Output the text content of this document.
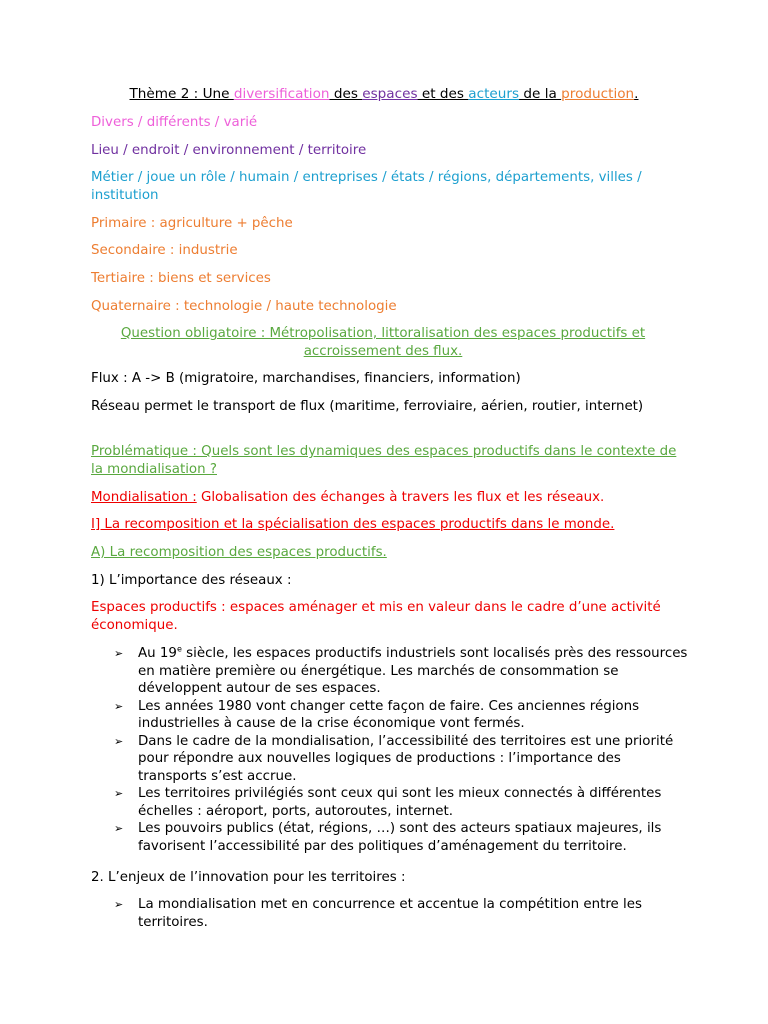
Thème 2 : Une diversification des espaces et des acteurs de la production.

Divers / différents / varié

Lieu / endroit / environnement / territoire

Métier / joue un rôle / humain / entreprises / états / régions, départements, villes / institution

Primaire : agriculture + pêche

Secondaire : industrie

Tertiaire : biens et services

Quaternaire : technologie / haute technologie

Question obligatoire : Métropolisation, littoralisation des espaces productifs et accroissement des flux.

Flux : A -> B (migratoire, marchandises, financiers, information)

Réseau permet le transport de flux (maritime, ferroviaire, aérien, routier, internet)

Problématique : Quels sont les dynamiques des espaces productifs dans le contexte de la mondialisation ?

Mondialisation : Globalisation des échanges à travers les flux et les réseaux.

I] La recomposition et la spécialisation des espaces productifs dans le monde.

A) La recomposition des espaces productifs.

1) L’importance des réseaux :

Espaces productifs : espaces aménager et mis en valeur dans le cadre d’une activité économique.

➢ Au 19e siècle, les espaces productifs industriels sont localisés près des ressources en matière première ou énergétique. Les marchés de consommation se développent autour de ses espaces.
➢ Les années 1980 vont changer cette façon de faire. Ces anciennes régions industrielles à cause de la crise économique vont fermés.
➢ Dans le cadre de la mondialisation, l’accessibilité des territoires est une priorité pour répondre aux nouvelles logiques de productions : l’importance des transports s’est accrue.
➢ Les territoires privilégiés sont ceux qui sont les mieux connectés à différentes échelles : aéroport, ports, autoroutes, internet.
➢ Les pouvoirs publics (état, régions, …) sont des acteurs spatiaux majeures, ils favorisent l’accessibilité par des politiques d’aménagement du territoire.

2. L’enjeux de l’innovation pour les territoires :

➢ La mondialisation met en concurrence et accentue la compétition entre les territoires.
